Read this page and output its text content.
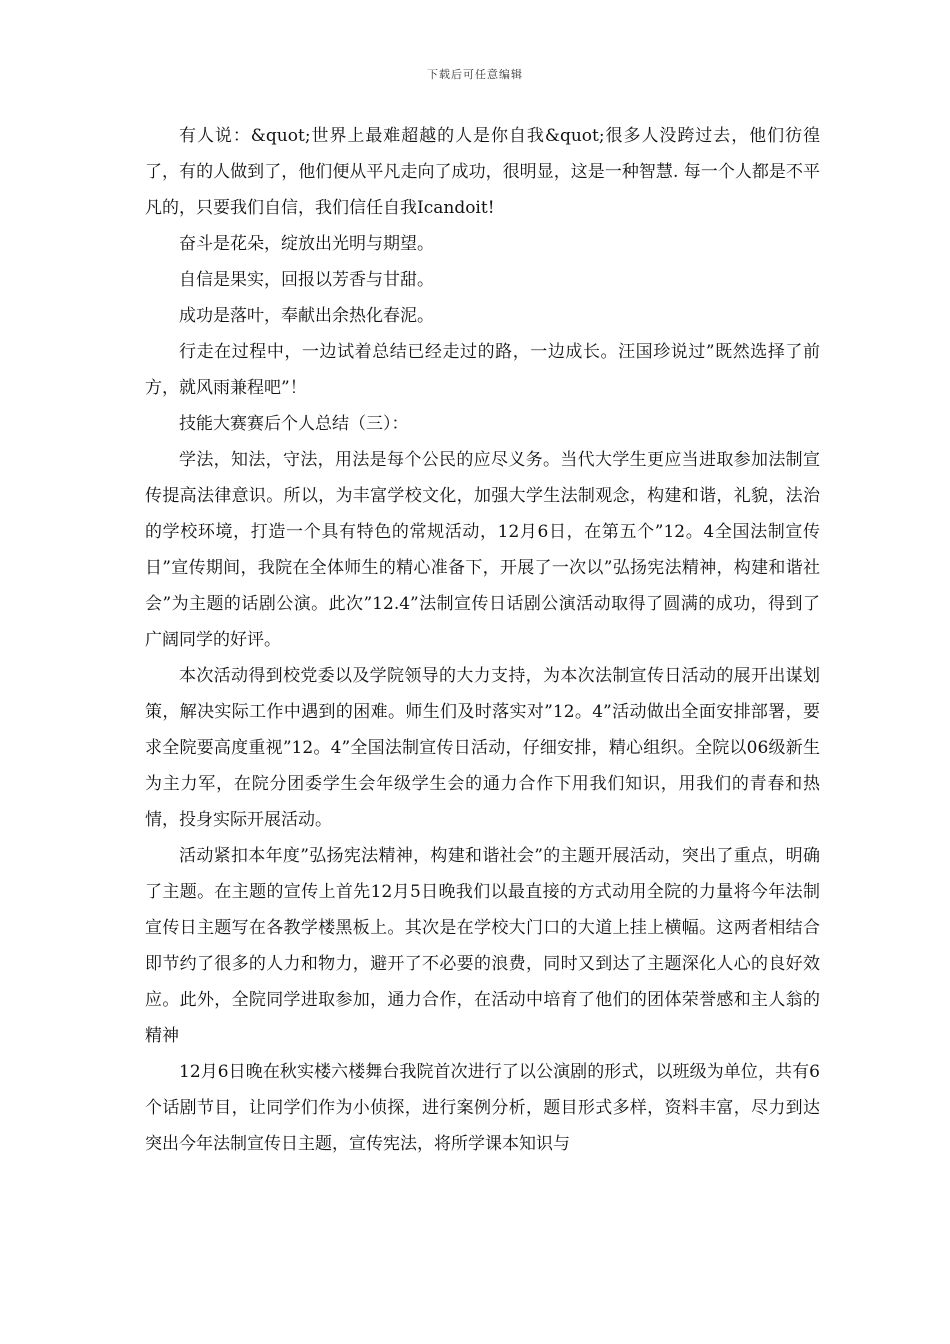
下载后可任意编辑

有人说：&quot;世界上最难超越的人是你自我&quot;很多人没跨过去，他们彷徨了，有的人做到了，他们便从平凡走向了成功，很明显，这是一种智慧. 每一个人都是不平凡的，只要我们自信，我们信任自我Icandoit!

奋斗是花朵，绽放出光明与期望。

自信是果实，回报以芳香与甘甜。

成功是落叶，奉献出余热化春泥。

行走在过程中，一边试着总结已经走过的路，一边成长。汪国珍说过”既然选择了前方，就风雨兼程吧”！

技能大赛赛后个人总结（三）：

学法，知法，守法，用法是每个公民的应尽义务。当代大学生更应当进取参加法制宣传提高法律意识。所以，为丰富学校文化，加强大学生法制观念，构建和谐，礼貌，法治的学校环境，打造一个具有特色的常规活动，12月6日，在第五个”12。4全国法制宣传日”宣传期间，我院在全体师生的精心准备下，开展了一次以”弘扬宪法精神，构建和谐社会”为主题的话剧公演。此次”12.4”法制宣传日话剧公演活动取得了圆满的成功，得到了广阔同学的好评。

本次活动得到校党委以及学院领导的大力支持，为本次法制宣传日活动的展开出谋划策，解决实际工作中遇到的困难。师生们及时落实对”12。4”活动做出全面安排部署，要求全院要高度重视”12。4”全国法制宣传日活动，仔细安排，精心组织。全院以06级新生为主力军，在院分团委学生会年级学生会的通力合作下用我们知识，用我们的青春和热情，投身实际开展活动。

活动紧扣本年度”弘扬宪法精神，构建和谐社会”的主题开展活动，突出了重点，明确了主题。在主题的宣传上首先12月5日晚我们以最直接的方式动用全院的力量将今年法制宣传日主题写在各教学楼黑板上。其次是在学校大门口的大道上挂上横幅。这两者相结合即节约了很多的人力和物力，避开了不必要的浪费，同时又到达了主题深化人心的良好效应。此外，全院同学进取参加，通力合作，在活动中培育了他们的团体荣誉感和主人翁的精神

12月6日晚在秋实楼六楼舞台我院首次进行了以公演剧的形式，以班级为单位，共有6个话剧节目，让同学们作为小侦探，进行案例分析，题目形式多样，资料丰富，尽力到达突出今年法制宣传日主题，宣传宪法，将所学课本知识与
